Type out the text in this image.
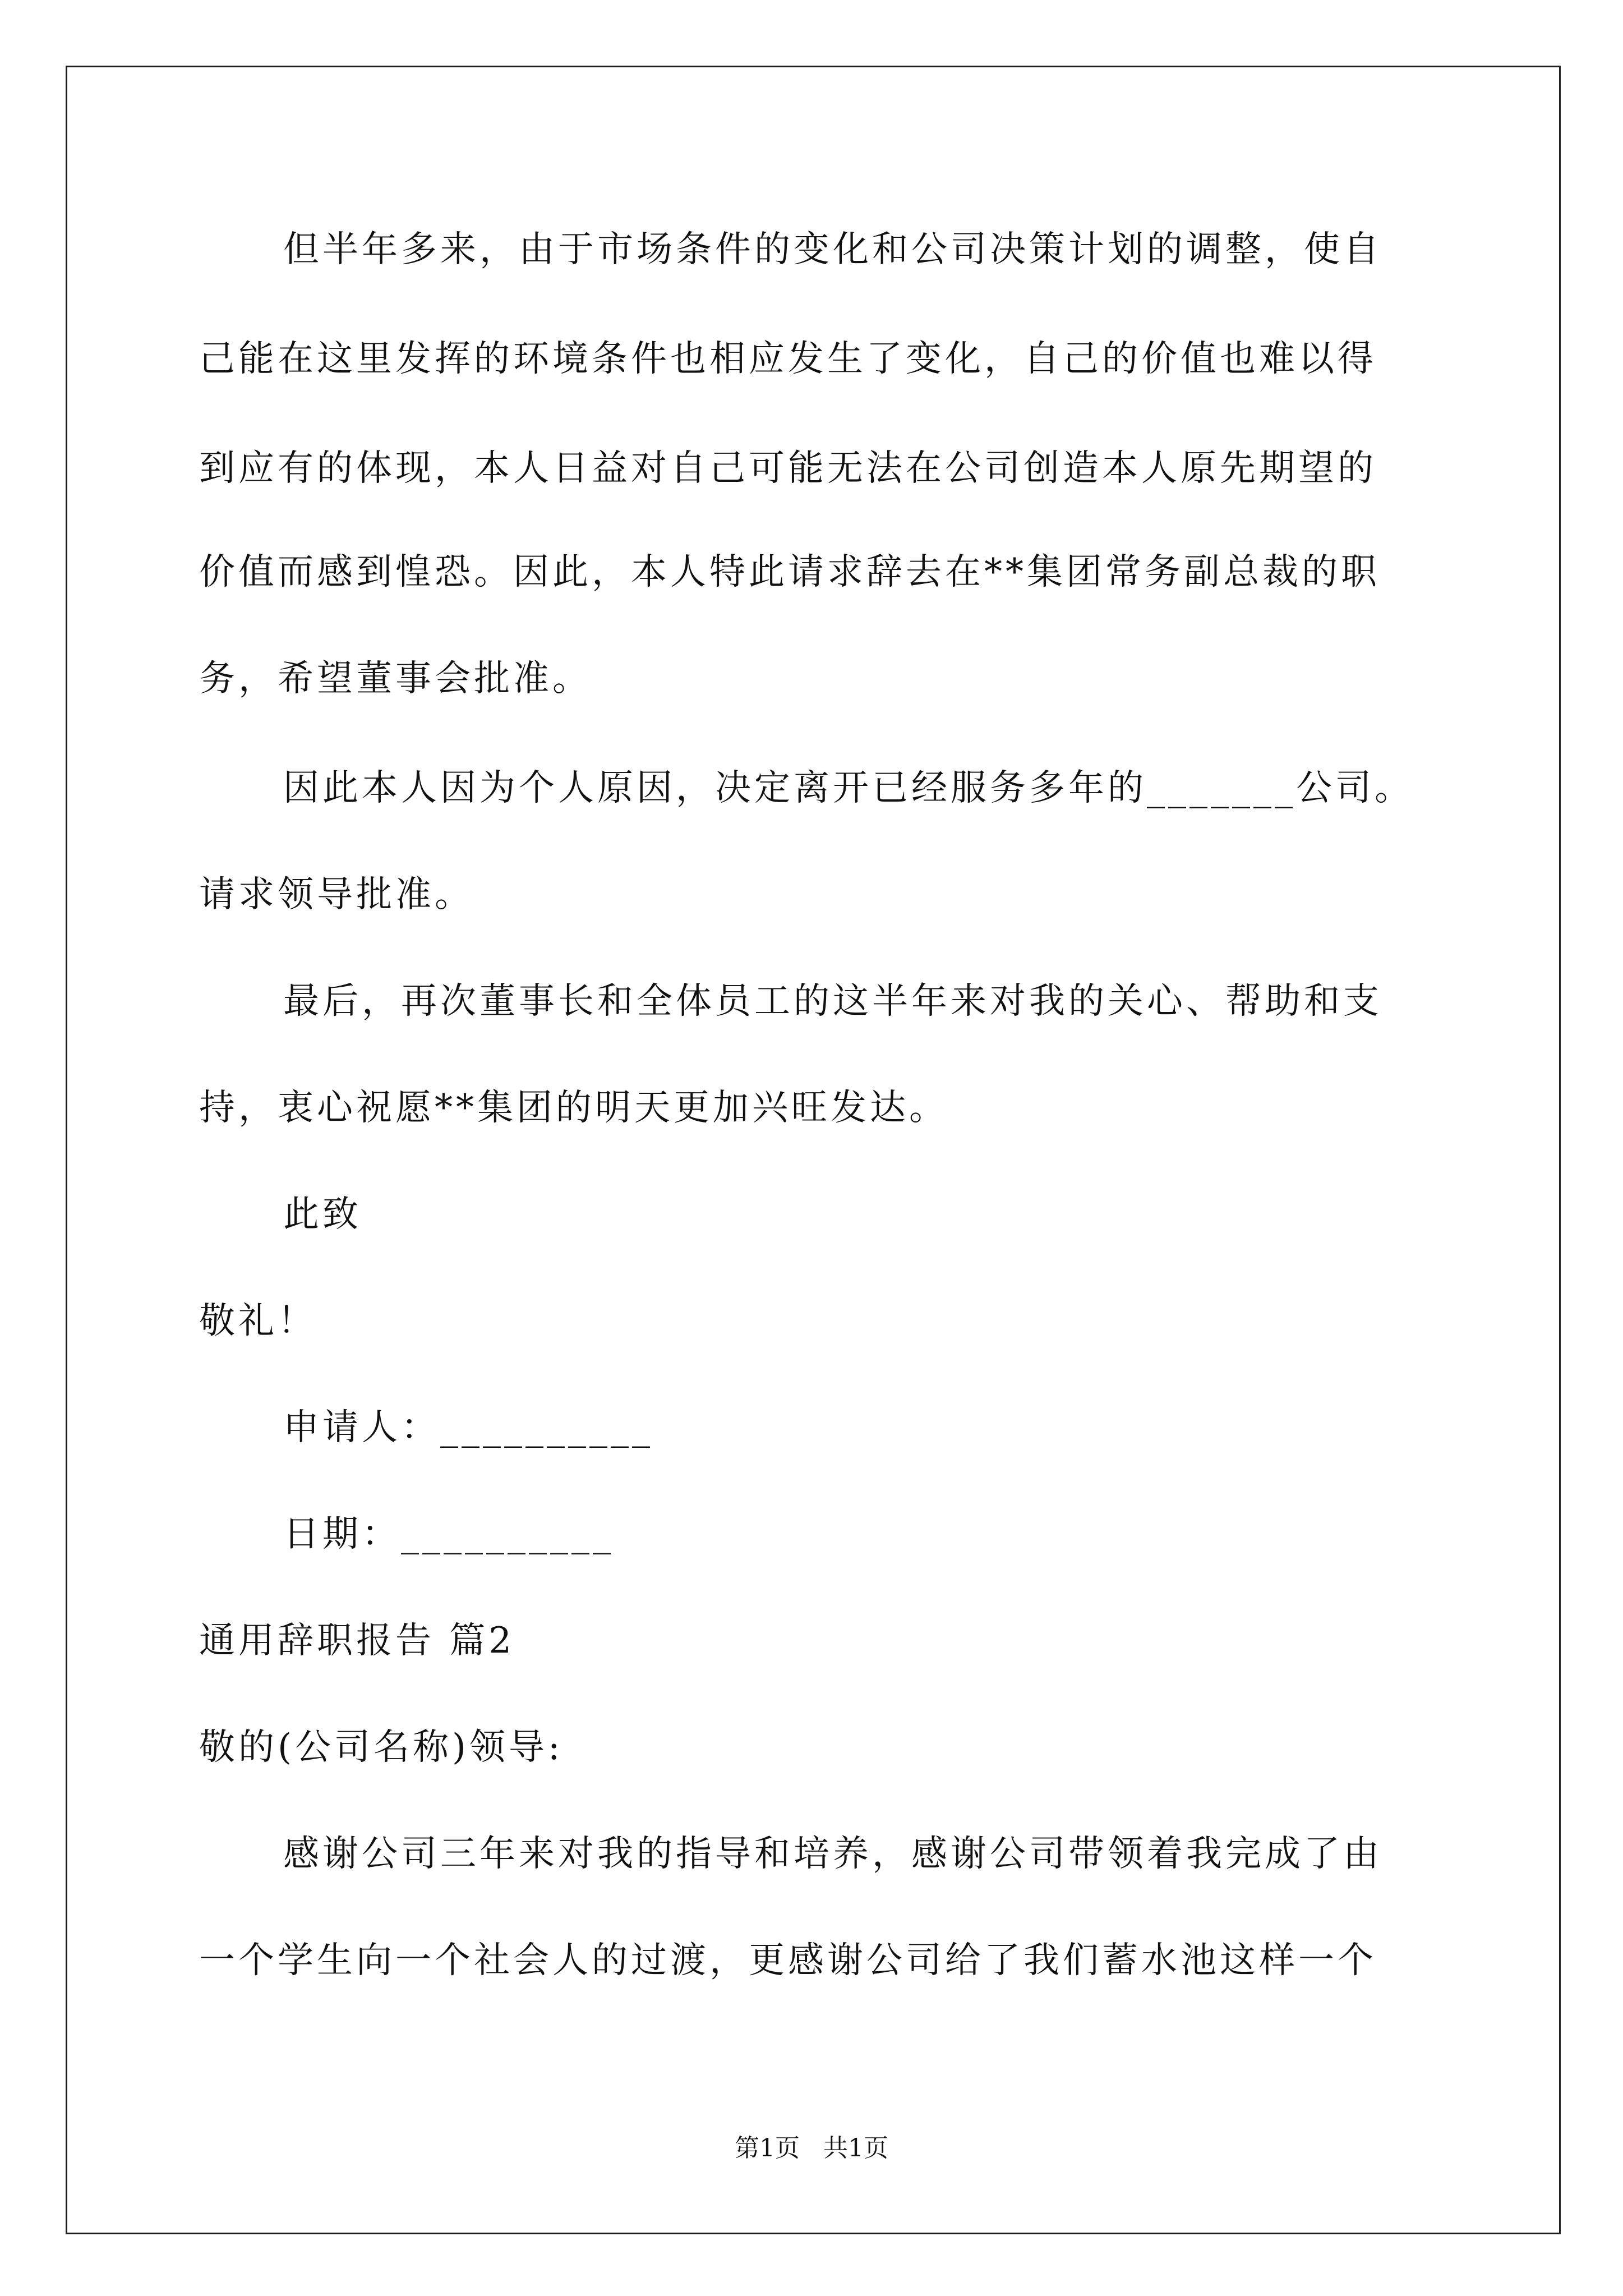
但半年多来，由于市场条件的变化和公司决策计划的调整，使自
己能在这里发挥的环境条件也相应发生了变化，自己的价值也难以得
到应有的体现，本人日益对自己可能无法在公司创造本人原先期望的
价值而感到惶恐。因此，本人特此请求辞去在**集团常务副总裁的职
务，希望董事会批准。
因此本人因为个人原因，决定离开已经服务多年的_______公司。
请求领导批准。
最后，再次董事长和全体员工的这半年来对我的关心、帮助和支
持，衷心祝愿**集团的明天更加兴旺发达。
此致
敬礼！
申请人：__________
日期：__________
通用辞职报告 篇2
敬的(公司名称)领导:
感谢公司三年来对我的指导和培养，感谢公司带领着我完成了由
一个学生向一个社会人的过渡，更感谢公司给了我们蓄水池这样一个
第1页   共1页
